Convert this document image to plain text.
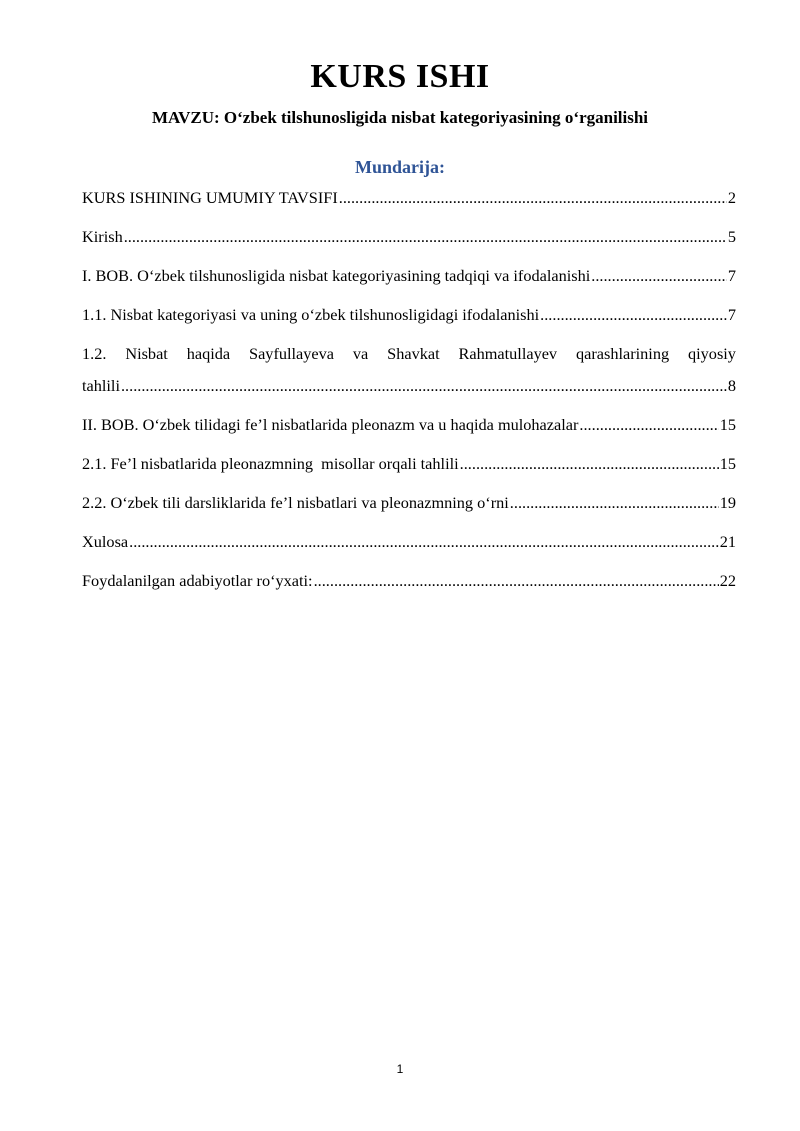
KURS ISHI
MAVZU: O‘zbek tilshunosligida nisbat kategoriyasining o‘rganilishi
Mundarija:
KURS ISHINING UMUMIY TAVSIFI .....	2
Kirish .....	5
I. BOB. O‘zbek tilshunosligida nisbat kategoriyasining tadqiqi va ifodalanishi .....	7
1.1. Nisbat kategoriyasi va uning o‘zbek tilshunosligidagi ifodalanishi .....	7
1.2. Nisbat haqida Sayfullayeva va Shavkat Rahmatullayev qarashlarining qiyosiy
tahlili .....	8
II. BOB. O‘zbek tilidagi fe’l nisbatlarida pleonazm va u haqida mulohazalar .....	15
2.1. Fe’l nisbatlarida pleonazmning  misollar orqali tahlili .....	15
2.2. O‘zbek tili darsliklarida fe’l nisbatlari va pleonazmning o‘rni .....	19
Xulosa .....	21
Foydalanilgan adabiyotlar ro‘yxati: .....	22
1
